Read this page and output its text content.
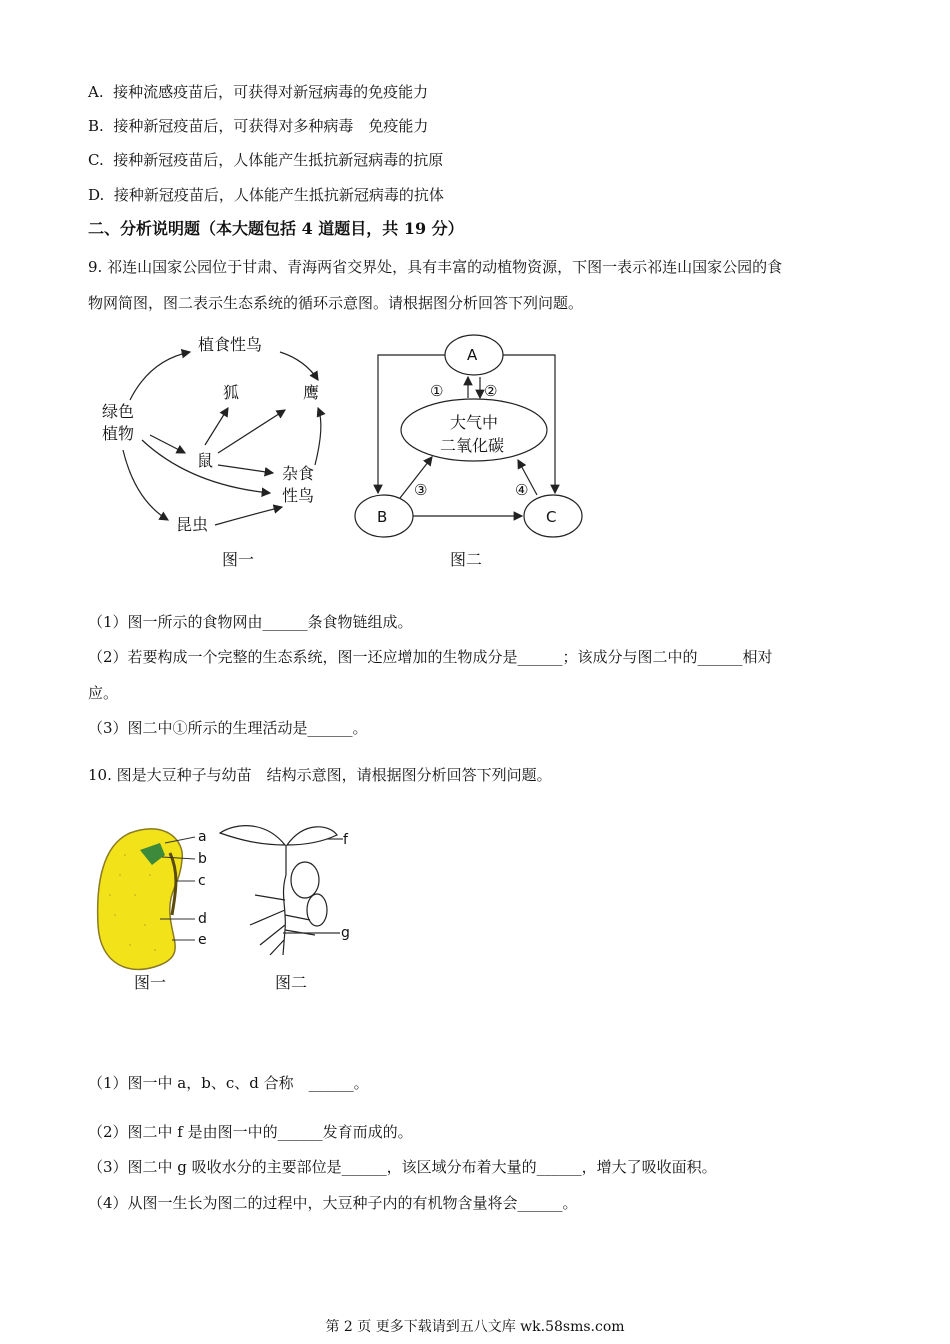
A. 接种流感疫苗后，可获得对新冠病毒的免疫能力
B. 接种新冠疫苗后，可获得对多种病毒　免疫能力
C. 接种新冠疫苗后，人体能产生抵抗新冠病毒的抗原
D. 接种新冠疫苗后，人体能产生抵抗新冠病毒的抗体
二、分析说明题（本大题包括 4 道题目，共 19 分）
9. 祁连山国家公园位于甘肃、青海两省交界处，具有丰富的动植物资源，下图一表示祁连山国家公园的食
物网简图，图二表示生态系统的循环示意图。请根据图分析回答下列问题。
绿色
植物
植食性鸟
狐	鹰
鼠
杂食
性鸟
昆虫
图一
A
B	C
大气中
二氧化碳
①	②
③	④
图二
（1）图一所示的食物网由______条食物链组成。
（2）若要构成一个完整的生态系统，图一还应增加的生物成分是______；该成分与图二中的______相对
应。
（3）图二中①所示的生理活动是______。
10. 图是大豆种子与幼苗　结构示意图，请根据图分析回答下列问题。
a
b
c
d
e
图一
f
g
图二
（1）图一中 a，b、c、d 合称　______。
（2）图二中 f 是由图一中的______发育而成的。
（3）图二中 g 吸收水分的主要部位是______，该区域分布着大量的______，增大了吸收面积。
（4）从图一生长为图二的过程中，大豆种子内的有机物含量将会______。
第 2 页 更多下载请到五八文库 wk.58sms.com
